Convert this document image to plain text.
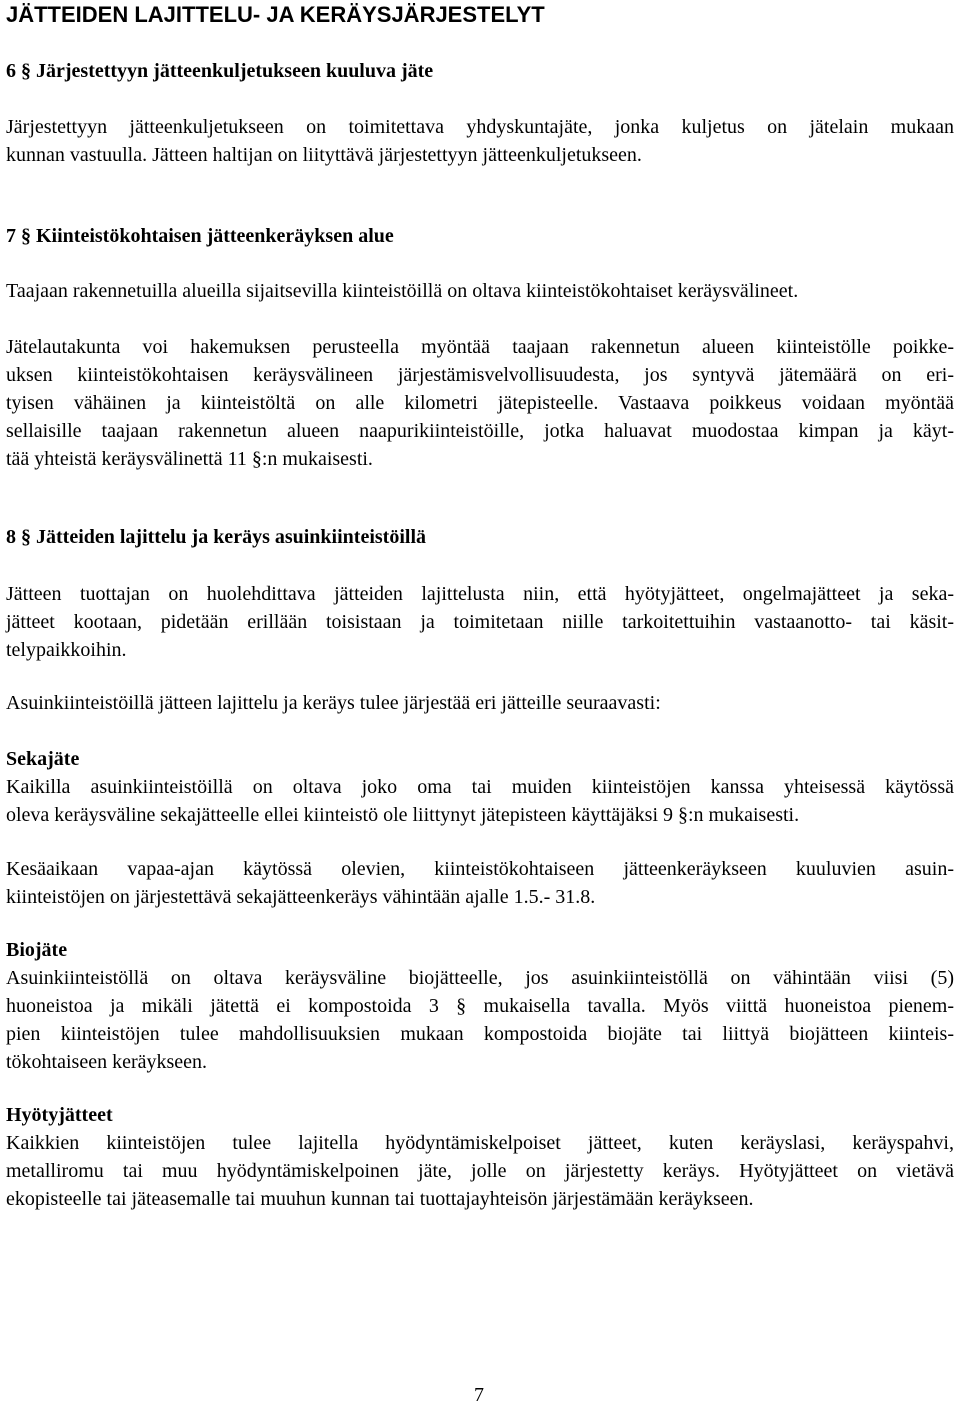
JÄTTEIDEN LAJITTELU- JA KERÄYSJÄRJESTELYT
6 § Järjestettyyn jätteenkuljetukseen kuuluva jäte
Järjestettyyn jätteenkuljetukseen on toimitettava yhdyskuntajäte, jonka kuljetus on jätelain mukaan
kunnan vastuulla. Jätteen haltijan on liityttävä järjestettyyn jätteenkuljetukseen.
7 § Kiinteistökohtaisen jätteenkeräyksen alue
Taajaan rakennetuilla alueilla sijaitsevilla kiinteistöillä on oltava kiinteistökohtaiset keräysvälineet.
Jätelautakunta voi hakemuksen perusteella myöntää taajaan rakennetun alueen kiinteistölle poikke-
uksen kiinteistökohtaisen keräysvälineen järjestämisvelvollisuudesta, jos syntyvä jätemäärä on eri-
tyisen vähäinen ja kiinteistöltä on alle kilometri jätepisteelle. Vastaava poikkeus voidaan myöntää
sellaisille taajaan rakennetun alueen naapurikiinteistöille, jotka haluavat muodostaa kimpan ja käyt-
tää yhteistä keräysvälinettä 11 §:n mukaisesti.
8 § Jätteiden lajittelu ja keräys asuinkiinteistöillä
Jätteen tuottajan on huolehdittava jätteiden lajittelusta niin, että hyötyjätteet, ongelmajätteet ja seka-
jätteet kootaan, pidetään erillään toisistaan ja toimitetaan niille tarkoitettuihin vastaanotto- tai käsit-
telypaikkoihin.
Asuinkiinteistöillä jätteen lajittelu ja keräys tulee järjestää eri jätteille seuraavasti:
Sekajäte
Kaikilla asuinkiinteistöillä on oltava joko oma tai muiden kiinteistöjen kanssa yhteisessä käytössä
oleva keräysväline sekajätteelle ellei kiinteistö ole liittynyt jätepisteen käyttäjäksi 9 §:n mukaisesti.
Kesäaikaan vapaa-ajan käytössä olevien, kiinteistökohtaiseen jätteenkeräykseen kuuluvien asuin-
kiinteistöjen on järjestettävä sekajätteenkeräys vähintään ajalle 1.5.- 31.8.
Biojäte
Asuinkiinteistöllä on oltava keräysväline biojätteelle, jos asuinkiinteistöllä on vähintään viisi (5)
huoneistoa ja mikäli jätettä ei kompostoida 3 § mukaisella tavalla. Myös viittä huoneistoa pienem-
pien kiinteistöjen tulee mahdollisuuksien mukaan kompostoida biojäte tai liittyä biojätteen kiinteis-
tökohtaiseen keräykseen.
Hyötyjätteet
Kaikkien kiinteistöjen tulee lajitella hyödyntämiskelpoiset jätteet, kuten keräyslasi, keräyspahvi,
metalliromu tai muu hyödyntämiskelpoinen jäte, jolle on järjestetty keräys. Hyötyjätteet on vietävä
ekopisteelle tai jäteasemalle tai muuhun kunnan tai tuottajayhteisön järjestämään keräykseen.
7
